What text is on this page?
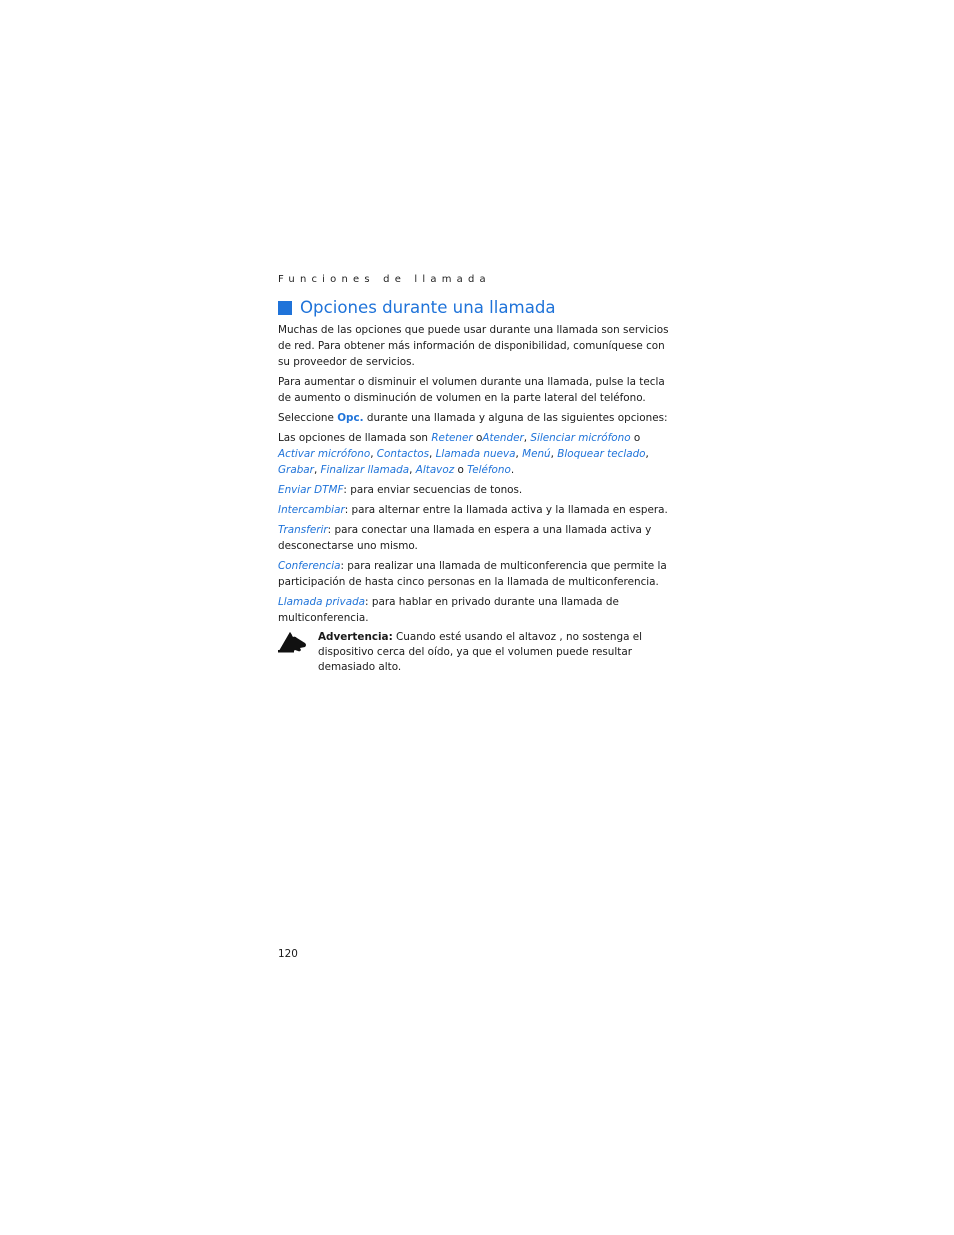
Funciones de llamada
Opciones durante una llamada

Muchas de las opciones que puede usar durante una llamada son servicios de red. Para obtener más información de disponibilidad, comuníquese con su proveedor de servicios.

Para aumentar o disminuir el volumen durante una llamada, pulse la tecla de aumento o disminución de volumen en la parte lateral del teléfono.

Seleccione Opc. durante una llamada y alguna de las siguientes opciones:

Las opciones de llamada son Retener oAtender, Silenciar micrófono o Activar micrófono, Contactos, Llamada nueva, Menú, Bloquear teclado, Grabar, Finalizar llamada, Altavoz o Teléfono.

Enviar DTMF: para enviar secuencias de tonos.

Intercambiar: para alternar entre la llamada activa y la llamada en espera.

Transferir: para conectar una llamada en espera a una llamada activa y desconectarse uno mismo.

Conferencia: para realizar una llamada de multiconferencia que permite la participación de hasta cinco personas en la llamada de multiconferencia.

Llamada privada: para hablar en privado durante una llamada de multiconferencia.

Advertencia: Cuando esté usando el altavoz , no sostenga el dispositivo cerca del oído, ya que el volumen puede resultar demasiado alto.
120
